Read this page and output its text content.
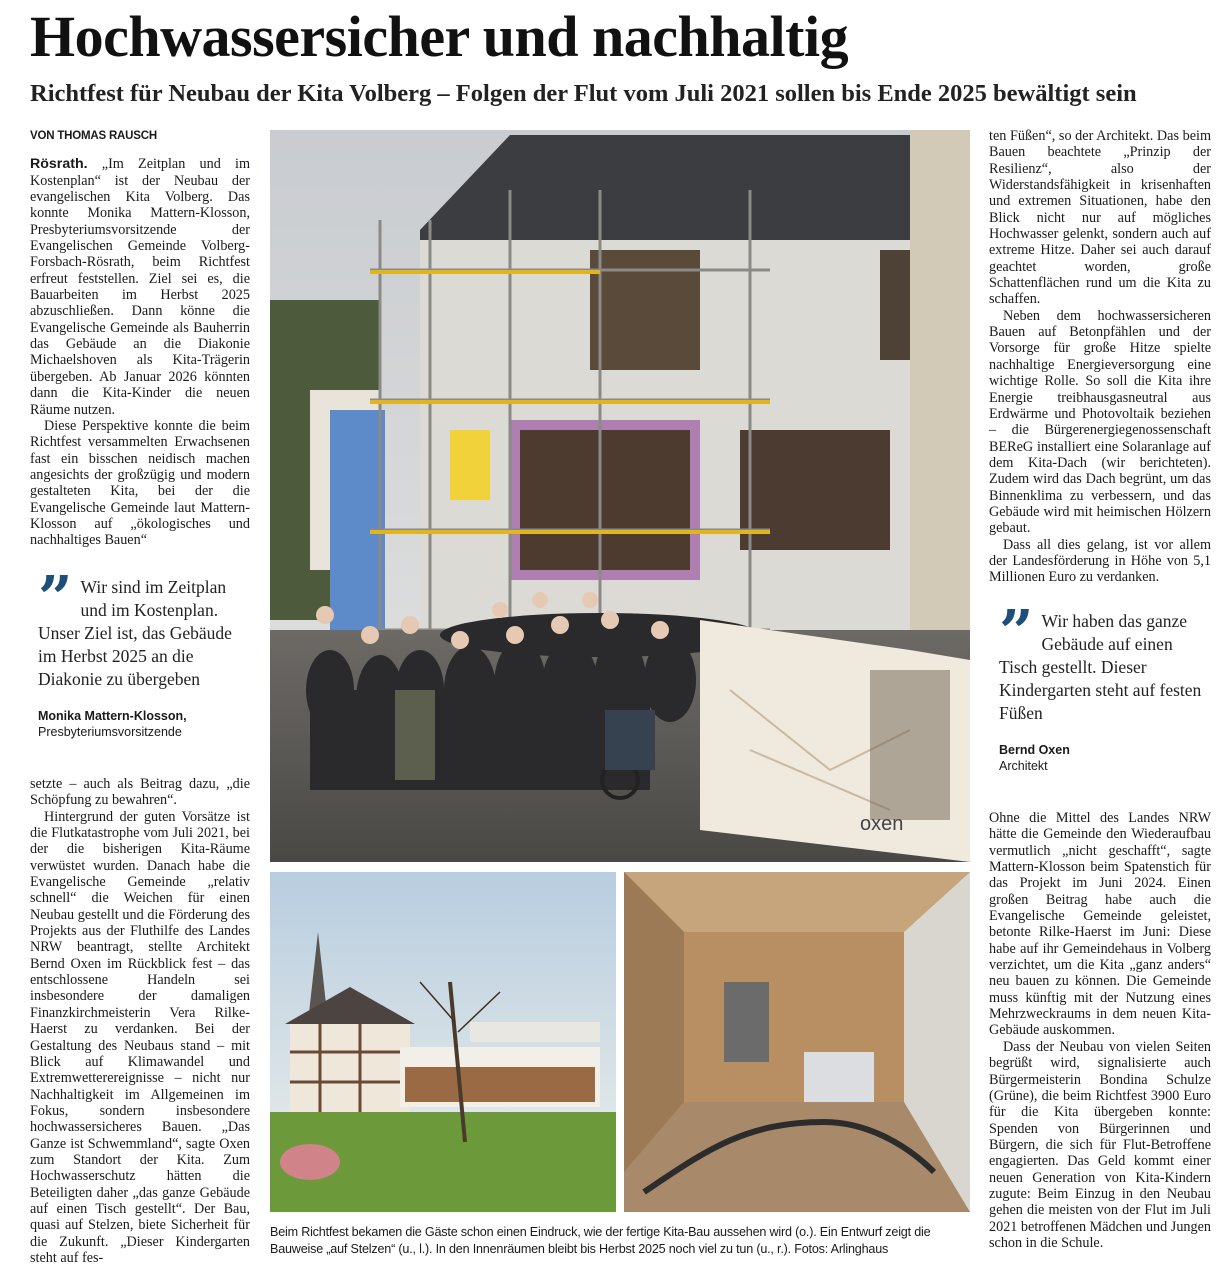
Hochwassersicher und nachhaltig
Richtfest für Neubau der Kita Volberg – Folgen der Flut vom Juli 2021 sollen bis Ende 2025 bewältigt sein
VON THOMAS RAUSCH

Rösrath. „Im Zeitplan und im Kostenplan“ ist der Neubau der evangelischen Kita Volberg. Das konnte Monika Mattern-Klosson, Presbyteriumsvorsitzende der Evangelischen Gemeinde Volberg-Forsbach-Rösrath, beim Richtfest erfreut feststellen. Ziel sei es, die Bauarbeiten im Herbst 2025 abzuschließen. Dann könne die Evangelische Gemeinde als Bauherrin das Gebäude an die Diakonie Michaelshoven als Kita-Trägerin übergeben. Ab Januar 2026 könnten dann die Kita-Kinder die neuen Räume nutzen.

Diese Perspektive konnte die beim Richtfest versammelten Erwachsenen fast ein bisschen neidisch machen angesichts der großzügig und modern gestalteten Kita, bei der die Evangelische Gemeinde laut Mattern-Klosson auf „ökologisches und nachhaltiges Bauen“

” Wir sind im Zeitplan und im Kostenplan. Unser Ziel ist, das Gebäude im Herbst 2025 an die Diakonie zu übergeben

Monika Mattern-Klosson,

Presbyteriumsvorsitzende

setzte – auch als Beitrag dazu, „die Schöpfung zu bewahren“.

Hintergrund der guten Vorsätze ist die Flutkatastrophe vom Juli 2021, bei der die bisherigen Kita-Räume verwüstet wurden. Danach habe die Evangelische Gemeinde „relativ schnell“ die Weichen für einen Neubau gestellt und die Förderung des Projekts aus der Fluthilfe des Landes NRW beantragt, stellte Architekt Bernd Oxen im Rückblick fest – das entschlossene Handeln sei insbesondere der damaligen Finanzkirchmeisterin Vera Rilke-Haerst zu verdanken. Bei der Gestaltung des Neubaus stand – mit Blick auf Klimawandel und Extremwetterereignisse – nicht nur Nachhaltigkeit im Allgemeinen im Fokus, sondern insbesondere hochwassersicheres Bauen. „Das Ganze ist Schwemmland“, sagte Oxen zum Standort der Kita. Zum Hochwasserschutz hätten die Beteiligten daher „das ganze Gebäude auf einen Tisch gestellt“. Der Bau, quasi auf Stelzen, biete Sicherheit für die Zukunft. „Dieser Kindergarten steht auf fes-

oxen

Beim Richtfest bekamen die Gäste schon einen Eindruck, wie der fertige Kita-Bau aussehen wird (o.). Ein Entwurf zeigt die Bauweise „auf Stelzen“ (u., l.). In den Innenräumen bleibt bis Herbst 2025 noch viel zu tun (u., r.). Fotos: Arlinghaus

ten Füßen“, so der Architekt. Das beim Bauen beachtete „Prinzip der Resilienz“, also der Widerstandsfähigkeit in krisenhaften und extremen Situationen, habe den Blick nicht nur auf mögliches Hochwasser gelenkt, sondern auch auf extreme Hitze. Daher sei auch darauf geachtet worden, große Schattenflächen rund um die Kita zu schaffen.

Neben dem hochwassersicheren Bauen auf Betonpfählen und der Vorsorge für große Hitze spielte nachhaltige Energieversorgung eine wichtige Rolle. So soll die Kita ihre Energie treibhausgasneutral aus Erdwärme und Photovoltaik beziehen – die Bürgerenergiegenossenschaft BEReG installiert eine Solaranlage auf dem Kita-Dach (wir berichteten). Zudem wird das Dach begrünt, um das Binnenklima zu verbessern, und das Gebäude wird mit heimischen Hölzern gebaut.

Dass all dies gelang, ist vor allem der Landesförderung in Höhe von 5,1 Millionen Euro zu verdanken.

” Wir haben das ganze Gebäude auf einen Tisch gestellt. Dieser Kindergarten steht auf festen Füßen

Bernd Oxen

Architekt

Ohne die Mittel des Landes NRW hätte die Gemeinde den Wiederaufbau vermutlich „nicht geschafft“, sagte Mattern-Klosson beim Spatenstich für das Projekt im Juni 2024. Einen großen Beitrag habe auch die Evangelische Gemeinde geleistet, betonte Rilke-Haerst im Juni: Diese habe auf ihr Gemeindehaus in Volberg verzichtet, um die Kita „ganz anders“ neu bauen zu können. Die Gemeinde muss künftig mit der Nutzung eines Mehrzweckraums in dem neuen Kita-Gebäude auskommen.

Dass der Neubau von vielen Seiten begrüßt wird, signalisierte auch Bürgermeisterin Bondina Schulze (Grüne), die beim Richtfest 3900 Euro für die Kita übergeben konnte: Spenden von Bürgerinnen und Bürgern, die sich für Flut-Betroffene engagierten. Das Geld kommt einer neuen Generation von Kita-Kindern zugute: Beim Einzug in den Neubau gehen die meisten von der Flut im Juli 2021 betroffenen Mädchen und Jungen schon in die Schule.
